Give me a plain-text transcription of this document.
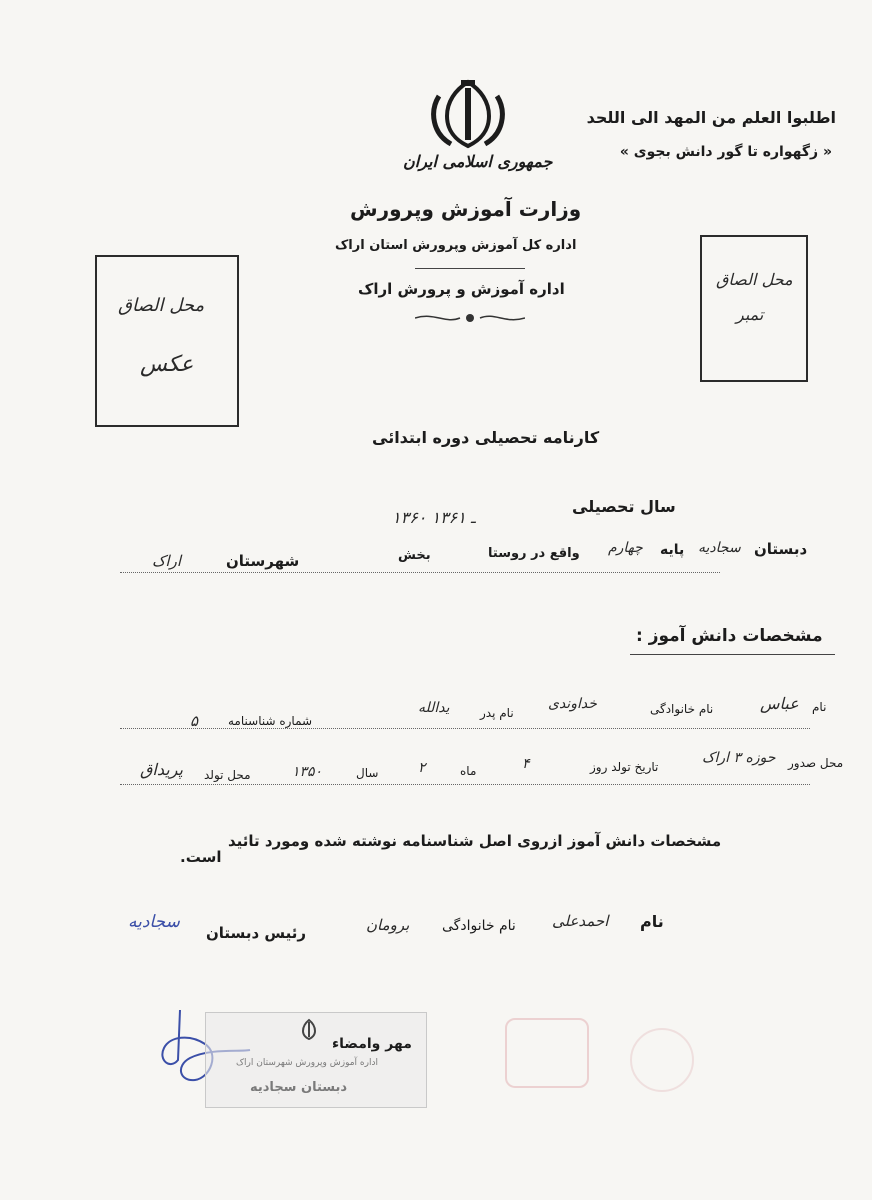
اطلبوا العلم من المهد الی اللحد
« زگهواره تا گور دانش بجوی »
جمهوری اسلامی ایران
وزارت آموزش وپرورش
اداره کل آموزش وپرورش استان اراک
اداره آموزش و پرورش اراک
محل الصاق
عکس
محل الصاق
تمبر
کارنامه تحصیلی دوره ابتدائی
سال تحصیلی
۱۳۶۰ ـ ۱۳۶۱
دبستان
سجادیه
پایه
چهارم
واقع در روستا
بخش
شهرستان
اراک
مشخصات دانش آموز :
نام
عباس
نام خانوادگی
خداوندی
نام پدر
یدالله
شماره شناسنامه
۵
محل صدور
حوزه ۳ اراک
تاریخ تولد روز
۴
ماه
۲
سال
۱۳۵۰
محل تولد
پریداق
مشخصات دانش آموز ازروی اصل شناسنامه نوشته شده ومورد تائید
است.
نام
احمدعلی
نام خانوادگی
برومان
رئیس دبستان
سجادیه
مهر وامضاء
اداره آموزش وپرورش شهرستان اراک
دبستان سجادیه
